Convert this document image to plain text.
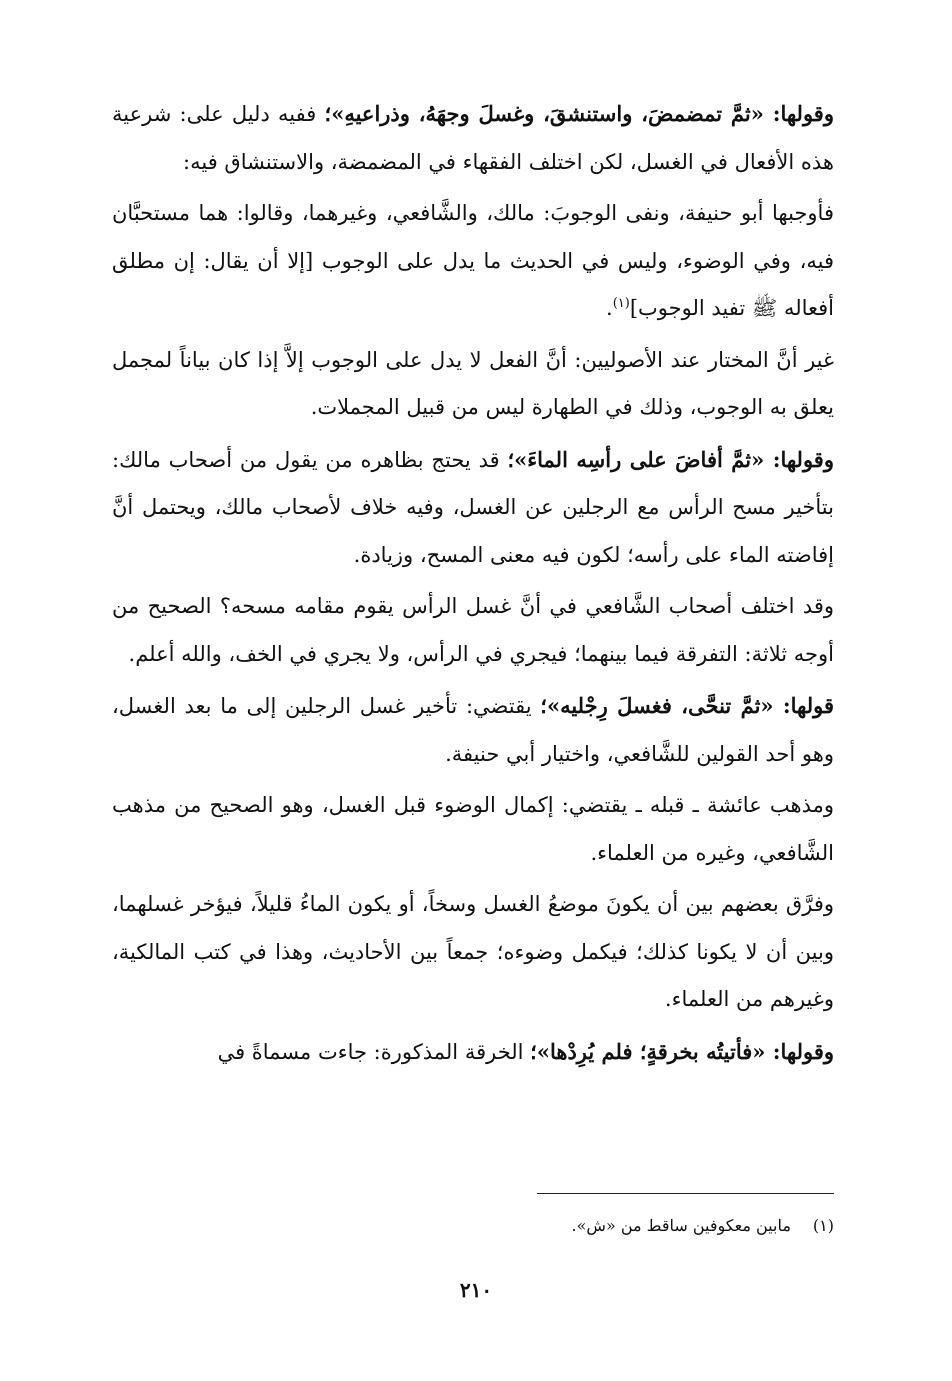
وقولها: «ثمَّ تمضمضَ، واستنشقَ، وغسلَ وجهَهُ، وذراعيهِ»؛ ففيه دليل على: شرعية هذه الأفعال في الغسل، لكن اختلف الفقهاء في المضمضة، والاستنشاق فيه:

فأوجبها أبو حنيفة، ونفى الوجوبَ: مالك، والشَّافعي، وغيرهما، وقالوا: هما مستحبَّان فيه، وفي الوضوء، وليس في الحديث ما يدل على الوجوب [إلا أن يقال: إن مطلق أفعاله ﷺ تفيد الوجوب]$^{(١)}$.

غير أنَّ المختار عند الأصوليين: أنَّ الفعل لا يدل على الوجوب إلاَّ إذا كان بياناً لمجمل يعلق به الوجوب، وذلك في الطهارة ليس من قبيل المجملات.

وقولها: «ثمَّ أفاضَ على رأسِه الماءَ»؛ قد يحتج بظاهره من يقول من أصحاب مالك: بتأخير مسح الرأس مع الرجلين عن الغسل، وفيه خلاف لأصحاب مالك، ويحتمل أنَّ إفاضته الماء على رأسه؛ لكون فيه معنى المسح، وزيادة.

وقد اختلف أصحاب الشَّافعي في أنَّ غسل الرأس يقوم مقامه مسحه؟ الصحيح من أوجه ثلاثة: التفرقة فيما بينهما؛ فيجري في الرأس، ولا يجري في الخف، والله أعلم.

قولها: «ثمَّ تنحَّى، فغسلَ رِجْليه»؛ يقتضي: تأخير غسل الرجلين إلى ما بعد الغسل، وهو أحد القولين للشَّافعي، واختيار أبي حنيفة.

ومذهب عائشة ـ قبله ـ يقتضي: إكمال الوضوء قبل الغسل، وهو الصحيح من مذهب الشَّافعي، وغيره من العلماء.

وفرَّق بعضهم بين أن يكونَ موضعُ الغسل وسخاً، أو يكون الماءُ قليلاً، فيؤخر غسلهما، وبين أن لا يكونا كذلك؛ فيكمل وضوءه؛ جمعاً بين الأحاديث، وهذا في كتب المالكية، وغيرهم من العلماء.

وقولها: «فأتيتُه بخرقةٍ؛ فلم يُرِدْها»؛ الخرقة المذكورة: جاءت مسماةً في

(١)مابين معكوفين ساقط من «ش».
٢١٠
